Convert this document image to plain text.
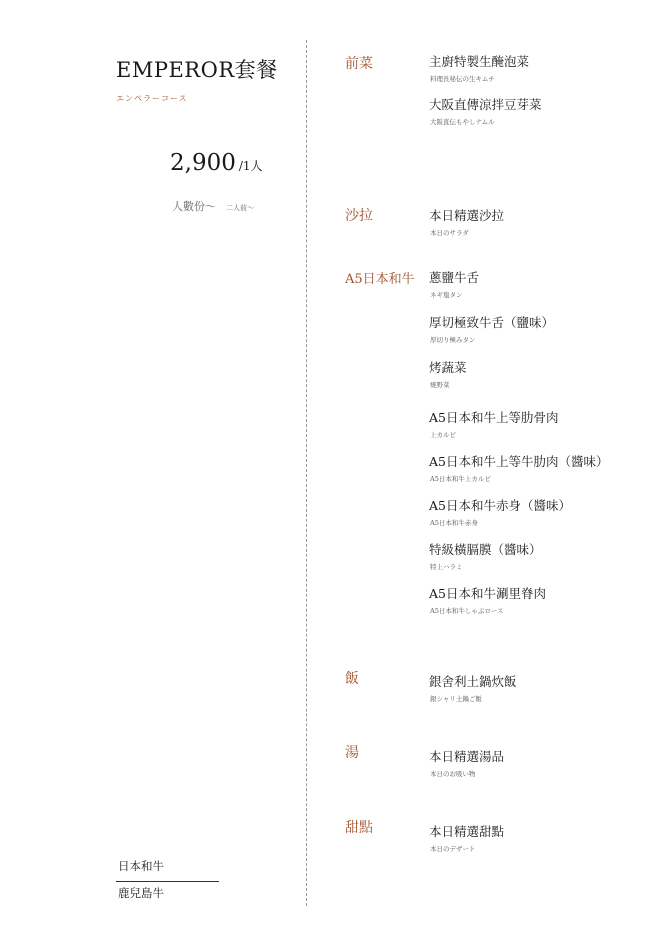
EMPEROR套餐
エンペラーコース
2,900 /1人
人數份～ 二人前～
前菜
沙拉
A5日本和牛
飯
湯
甜點
主廚特製生醃泡菜
料理長秘伝の生キムチ
大阪直傳涼拌豆芽菜
大阪直伝もやしナムル
本日精選沙拉
本日のサラダ
蔥鹽牛舌
ネギ塩タン
厚切極致牛舌（鹽味）
厚切り極みタン
烤蔬菜
焼野菜
A5日本和牛上等肋骨肉
上カルビ
A5日本和牛上等牛肋肉（醬味）
A5日本和牛上カルビ
A5日本和牛赤身（醬味）
A5日本和牛赤身
特級橫膈膜（醬味）
特上ハラミ
A5日本和牛涮里脊肉
A5日本和牛しゃぶロース
銀舍利土鍋炊飯
銀シャリ土鍋ご飯
本日精選湯品
本日のお吸い物
本日精選甜點
本日のデザート
日本和牛
鹿兒島牛
